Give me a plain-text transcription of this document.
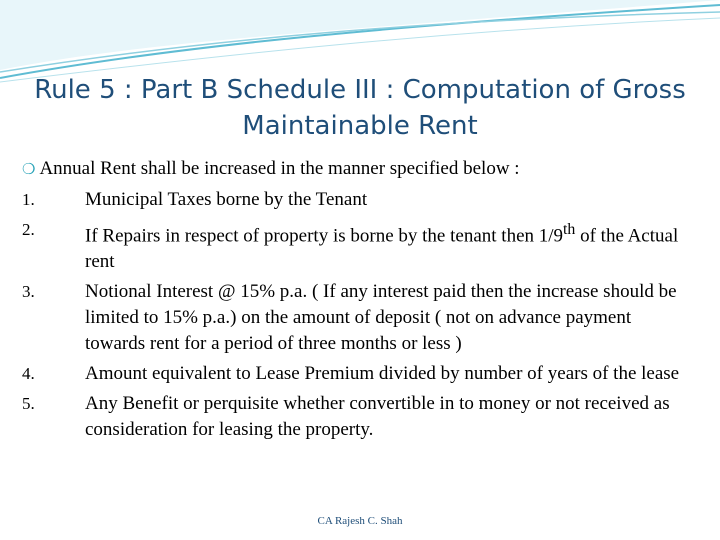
Rule 5 : Part B Schedule III : Computation of Gross Maintainable Rent
❍ Annual Rent shall be increased in the manner specified below :
1.	Municipal Taxes borne by the Tenant
2.	If Repairs in respect of property is borne by the tenant then 1/9th of the Actual rent
3.	Notional Interest @ 15% p.a. ( If any interest paid then the increase should be limited to 15% p.a.) on the amount of deposit ( not on advance payment towards rent for a period of three months or less )
4.	Amount equivalent to Lease Premium divided by number of years of the lease
5.	Any Benefit or perquisite whether convertible in to money or not received as consideration for leasing the property.
CA Rajesh C. Shah
